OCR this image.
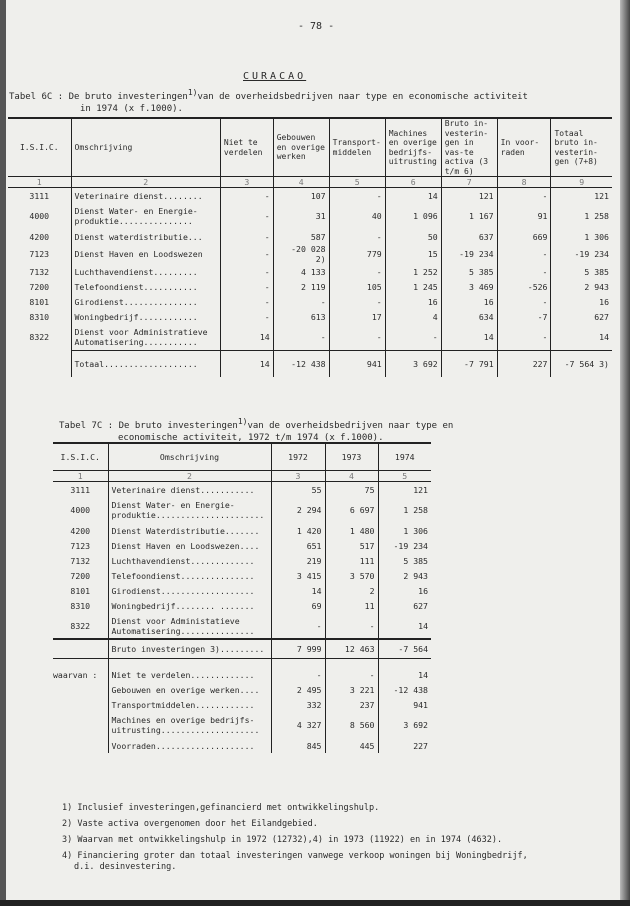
- 78 -
CURACAO
Tabel 6C : De bruto investeringen$^{1)}$van de overheidsbedrijven naar type en economische activiteit
in 1974 (x f.1000).
I.S.I.C.	Omschrijving	Niet te verdelen	Gebouwen en overige werken	Transport-middelen	Machines en overige bedrijfs-uitrusting	Bruto in-vesterin-gen in vas-te activa (3 t/m 6)	In voor-raden	Totaal bruto in-vesterin-gen (7+8)
1	2	3	4	5	6	7	8	9
3111	Veterinaire dienst........	-	107	-	14	121	-	121
4000	Dienst Water- en Energie-produktie...............	-	31	40	1 096	1 167	91	1 258
4200	Dienst waterdistributie...	-	587	-	50	637	669	1 306
7123	Dienst Haven en Loodswezen	-	-20 028 2)	779	15	-19 234	-	-19 234
7132	Luchthavendienst.........	-	4 133	-	1 252	5 385	-	5 385
7200	Telefoondienst...........	-	2 119	105	1 245	3 469	-526	2 943
8101	Girodienst...............	-	-	-	16	16	-	16
8310	Woningbedrijf............	-	613	17	4	634	-7	627
8322	Dienst voor Administratieve Automatisering...........	14	-	-	-	14	-	14
	Totaal...................	14	-12 438	941	3 692	-7 791	227	-7 564 3)
Tabel 7C : De bruto investeringen$^{1)}$van de overheidsbedrijven naar type en
economische activiteit, 1972 t/m 1974 (x f.1000).
I.S.I.C.	Omschrijving	1972	1973	1974
1	2	3	4	5
3111	Veterinaire dienst...........	55	75	121
4000	Dienst Water- en Energie-produktie......................	2 294	6 697	1 258
4200	Dienst Waterdistributie.......	1 420	1 480	1 306
7123	Dienst Haven en Loodswezen....	651	517	-19 234
7132	Luchthavendienst.............	219	111	5 385
7200	Telefoondienst...............	3 415	3 570	2 943
8101	Girodienst...................	14	2	16
8310	Woningbedrijf........ .......	69	11	627
8322	Dienst voor Administatieve Automatisering...............	-	-	14
	Bruto investeringen 3).........	7 999	12 463	-7 564

waarvan :	Niet te verdelen.............	-	-	14
	Gebouwen en overige werken....	2 495	3 221	-12 438
	Transportmiddelen............	332	237	941
	Machines en overige bedrijfs-uitrusting....................	4 327	8 560	3 692
	Voorraden....................	845	445	227
1) Inclusief investeringen,gefinancierd met ontwikkelingshulp.
2) Vaste activa overgenomen door het Eilandgebied.
3) Waarvan met ontwikkelingshulp in 1972 (12732),4) in 1973 (11922) en in 1974 (4632).
4) Financiering groter dan totaal investeringen vanwege verkoop woningen bij Woningbedrijf,
d.i. desinvestering.
